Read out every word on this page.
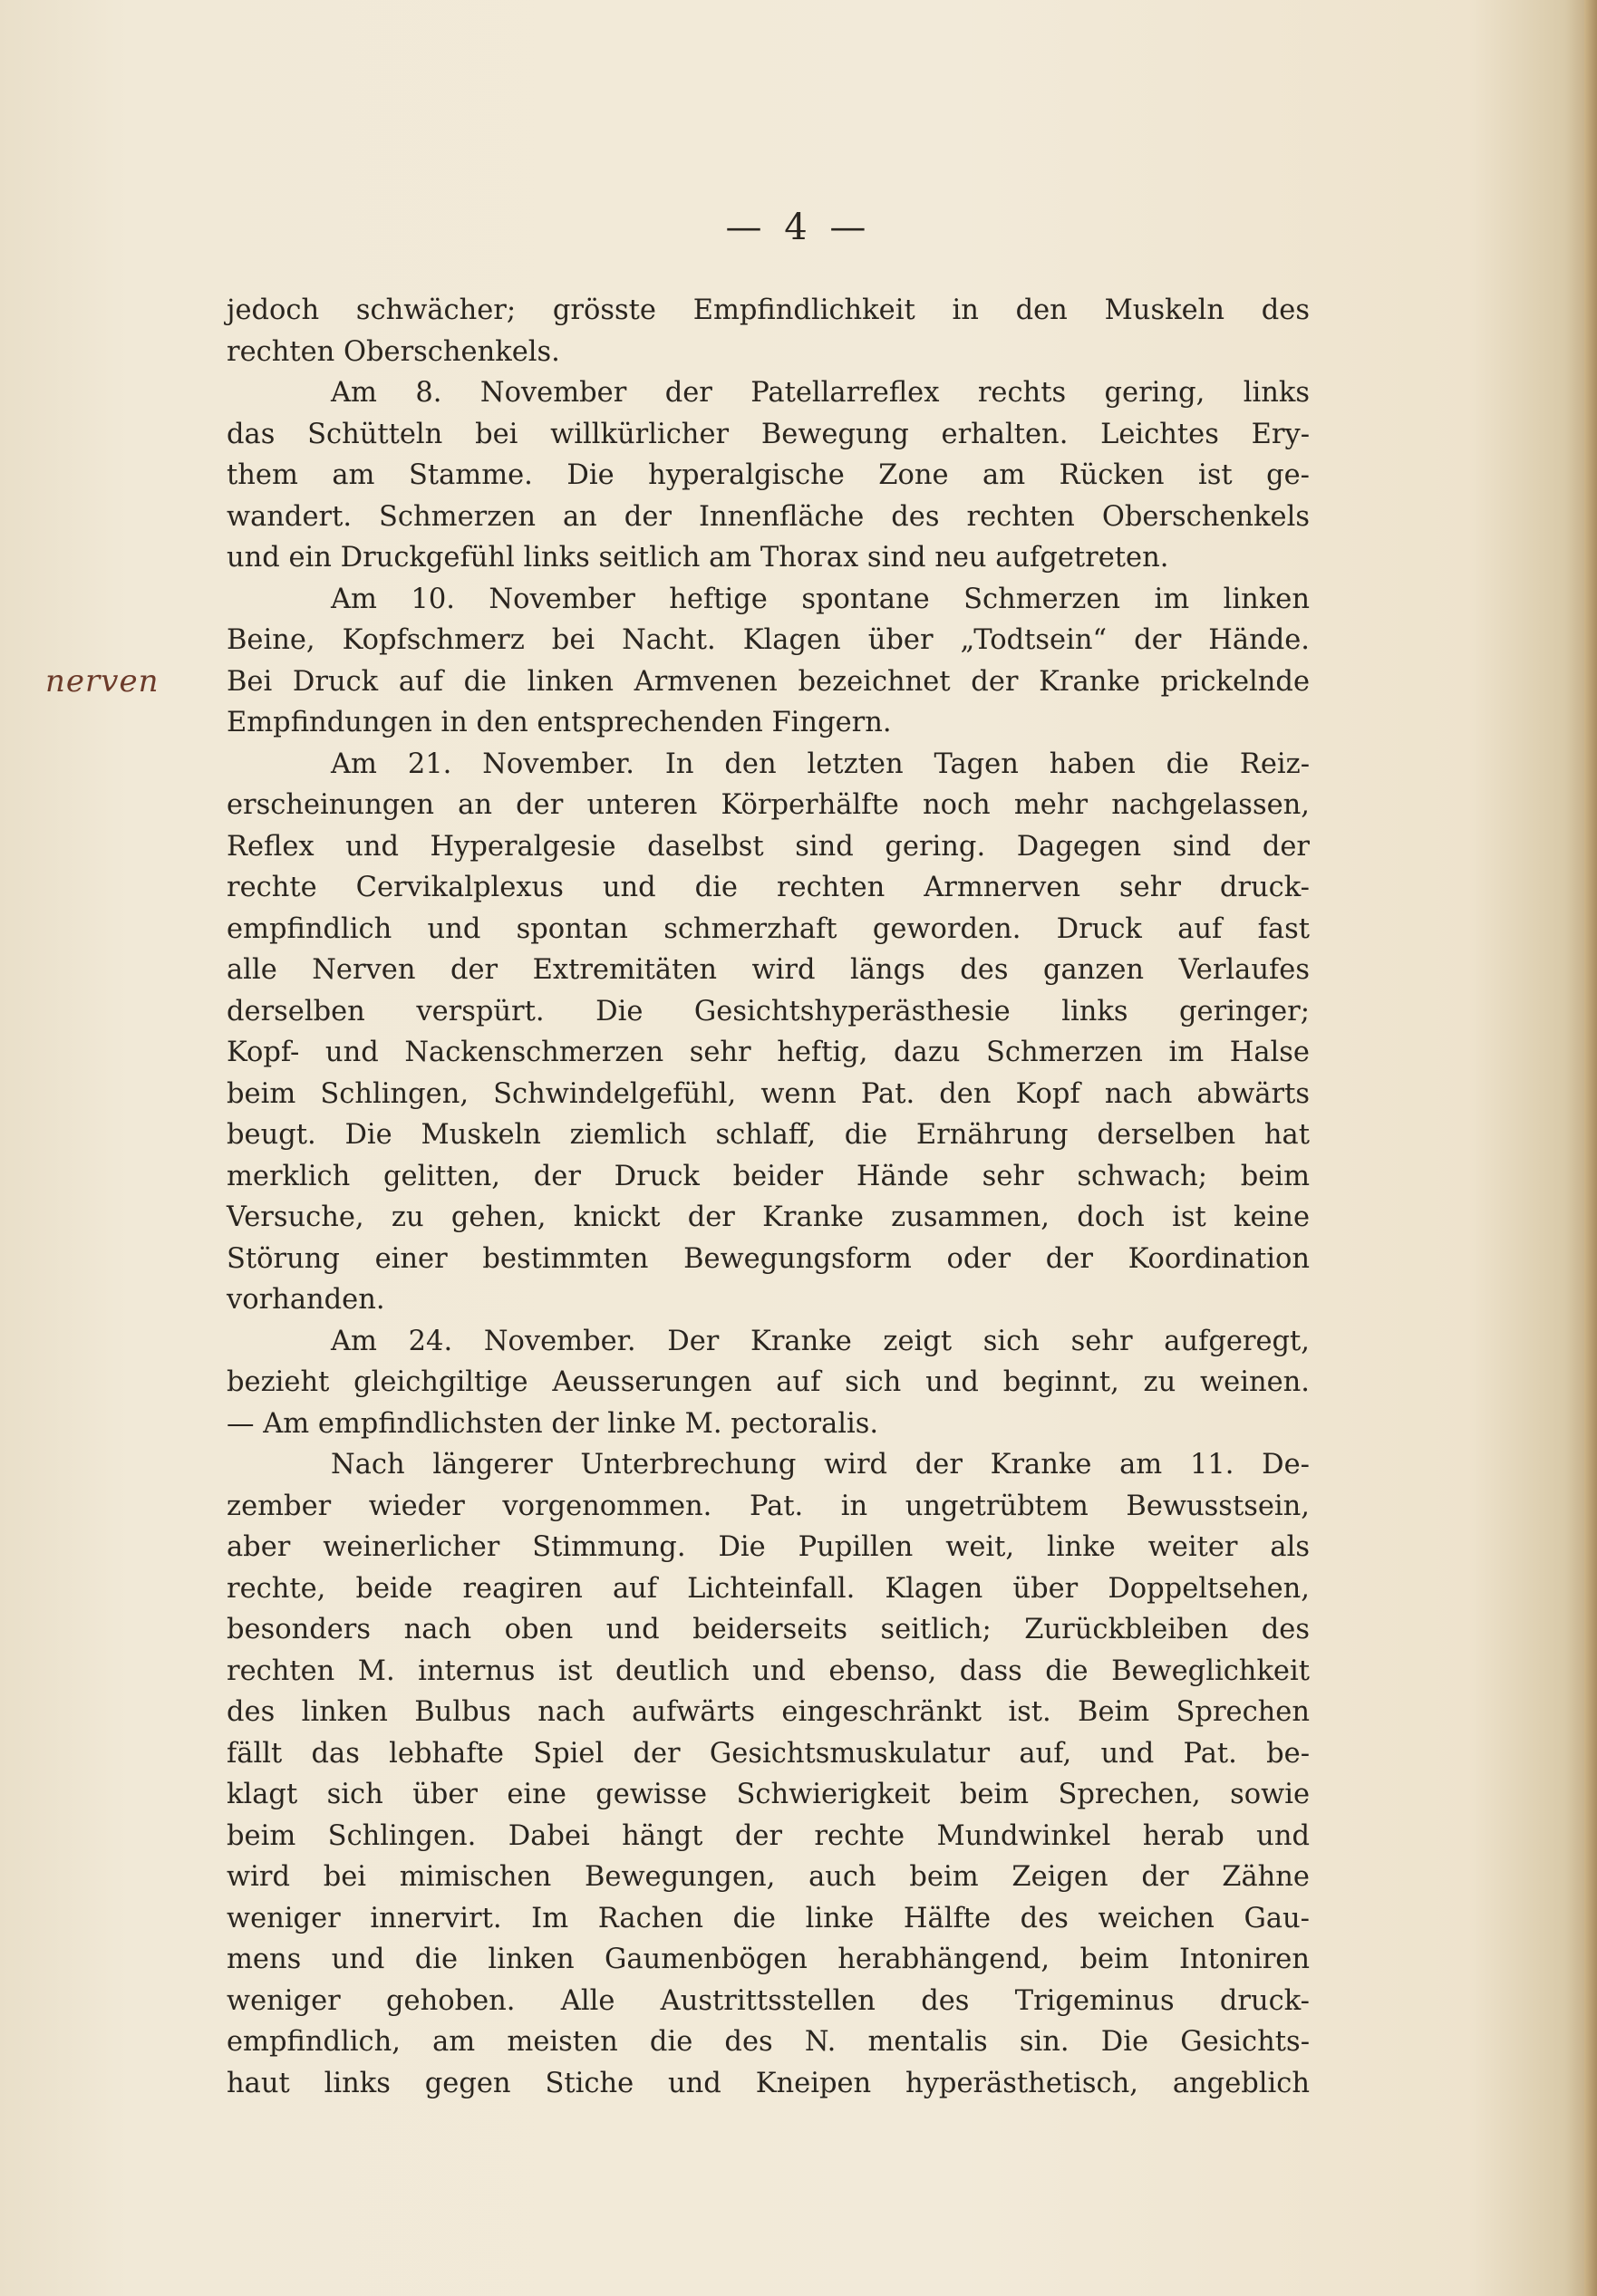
— 4 —
nerven
jedoch schwächer; grösste Empfindlichkeit in den Muskeln des
rechten Oberschenkels.
Am 8. November der Patellarreflex rechts gering, links
das Schütteln bei willkürlicher Bewegung erhalten. Leichtes Ery-
them am Stamme. Die hyperalgische Zone am Rücken ist ge-
wandert. Schmerzen an der Innenfläche des rechten Oberschenkels
und ein Druckgefühl links seitlich am Thorax sind neu aufgetreten.
Am 10. November heftige spontane Schmerzen im linken
Beine, Kopfschmerz bei Nacht. Klagen über „Todtsein“ der Hände.
Bei Druck auf die linken Armvenen bezeichnet der Kranke prickelnde
Empfindungen in den entsprechenden Fingern.
Am 21. November. In den letzten Tagen haben die Reiz-
erscheinungen an der unteren Körperhälfte noch mehr nachgelassen,
Reflex und Hyperalgesie daselbst sind gering. Dagegen sind der
rechte Cervikalplexus und die rechten Armnerven sehr druck-
empfindlich und spontan schmerzhaft geworden. Druck auf fast
alle Nerven der Extremitäten wird längs des ganzen Verlaufes
derselben verspürt. Die Gesichtshyperästhesie links geringer;
Kopf- und Nackenschmerzen sehr heftig, dazu Schmerzen im Halse
beim Schlingen, Schwindelgefühl, wenn Pat. den Kopf nach abwärts
beugt. Die Muskeln ziemlich schlaff, die Ernährung derselben hat
merklich gelitten, der Druck beider Hände sehr schwach; beim
Versuche, zu gehen, knickt der Kranke zusammen, doch ist keine
Störung einer bestimmten Bewegungsform oder der Koordination
vorhanden.
Am 24. November. Der Kranke zeigt sich sehr aufgeregt,
bezieht gleichgiltige Aeusserungen auf sich und beginnt, zu weinen.
— Am empfindlichsten der linke M. pectoralis.
Nach längerer Unterbrechung wird der Kranke am 11. De-
zember wieder vorgenommen. Pat. in ungetrübtem Bewusstsein,
aber weinerlicher Stimmung. Die Pupillen weit, linke weiter als
rechte, beide reagiren auf Lichteinfall. Klagen über Doppeltsehen,
besonders nach oben und beiderseits seitlich; Zurückbleiben des
rechten M. internus ist deutlich und ebenso, dass die Beweglichkeit
des linken Bulbus nach aufwärts eingeschränkt ist. Beim Sprechen
fällt das lebhafte Spiel der Gesichtsmuskulatur auf, und Pat. be-
klagt sich über eine gewisse Schwierigkeit beim Sprechen, sowie
beim Schlingen. Dabei hängt der rechte Mundwinkel herab und
wird bei mimischen Bewegungen, auch beim Zeigen der Zähne
weniger innervirt. Im Rachen die linke Hälfte des weichen Gau-
mens und die linken Gaumenbögen herabhängend, beim Intoniren
weniger gehoben. Alle Austrittsstellen des Trigeminus druck-
empfindlich, am meisten die des N. mentalis sin. Die Gesichts-
haut links gegen Stiche und Kneipen hyperästhetisch, angeblich
